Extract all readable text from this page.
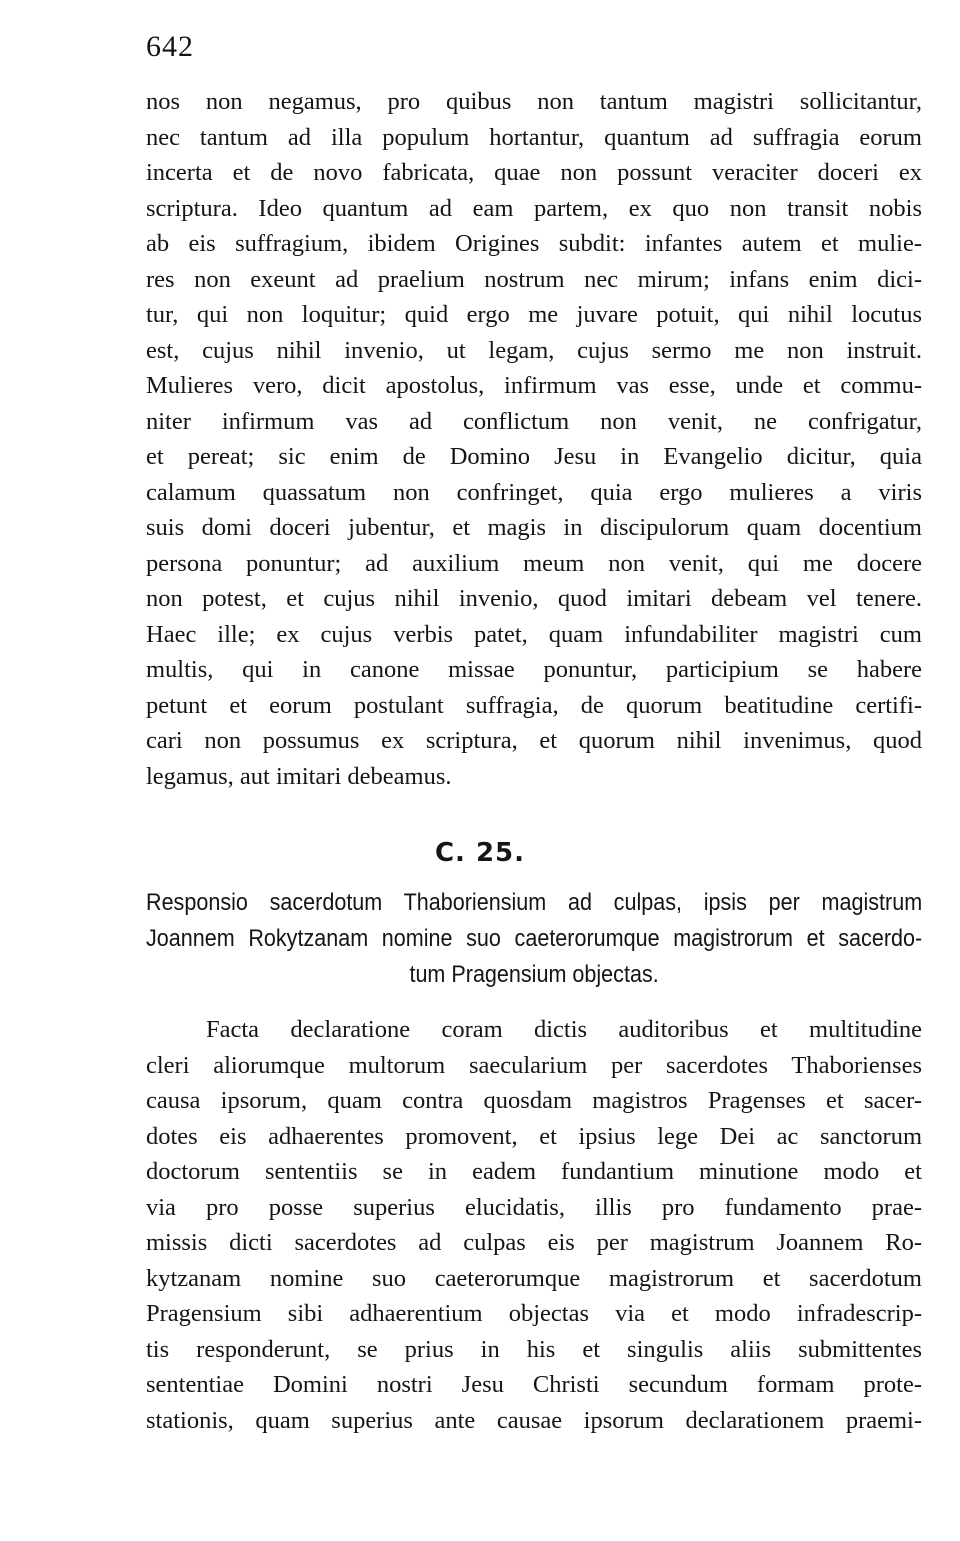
642
nos non negamus, pro quibus non tantum magistri sollicitantur,
nec tantum ad illa populum hortantur, quantum ad suffragia eorum
incerta et de novo fabricata, quae non possunt veraciter doceri ex
scriptura. Ideo quantum ad eam partem, ex quo non transit nobis
ab eis suffragium, ibidem Origines subdit: infantes autem et mulie-
res non exeunt ad praelium nostrum nec mirum; infans enim dici-
tur, qui non loquitur; quid ergo me juvare potuit, qui nihil locutus
est, cujus nihil invenio, ut legam, cujus sermo me non instruit.
Mulieres vero, dicit apostolus, infirmum vas esse, unde et commu-
niter infirmum vas ad conflictum non venit, ne confrigatur,
et pereat; sic enim de Domino Jesu in Evangelio dicitur, quia
calamum quassatum non confringet, quia ergo mulieres a viris
suis domi doceri jubentur, et magis in discipulorum quam docentium
persona ponuntur; ad auxilium meum non venit, qui me docere
non potest, et cujus nihil invenio, quod imitari debeam vel tenere.
Haec ille; ex cujus verbis patet, quam infundabiliter magistri cum
multis, qui in canone missae ponuntur, participium se habere
petunt et eorum postulant suffragia, de quorum beatitudine certifi-
cari non possumus ex scriptura, et quorum nihil invenimus, quod
legamus, aut imitari debeamus.
C. 25.
Responsio sacerdotum Thaboriensium ad culpas, ipsis per magistrum
Joannem Rokytzanam nomine suo caeterorumque magistrorum et sacerdo-
tum Pragensium objectas.
Facta declaratione coram dictis auditoribus et multitudine
cleri aliorumque multorum saecularium per sacerdotes Thaborienses
causa ipsorum, quam contra quosdam magistros Pragenses et sacer-
dotes eis adhaerentes promovent, et ipsius lege Dei ac sanctorum
doctorum sententiis se in eadem fundantium minutione modo et
via pro posse superius elucidatis, illis pro fundamento prae-
missis dicti sacerdotes ad culpas eis per magistrum Joannem Ro-
kytzanam nomine suo caeterorumque magistrorum et sacerdotum
Pragensium sibi adhaerentium objectas via et modo infradescrip-
tis responderunt, se prius in his et singulis aliis submittentes
sententiae Domini nostri Jesu Christi secundum formam prote-
stationis, quam superius ante causae ipsorum declarationem praemi-
